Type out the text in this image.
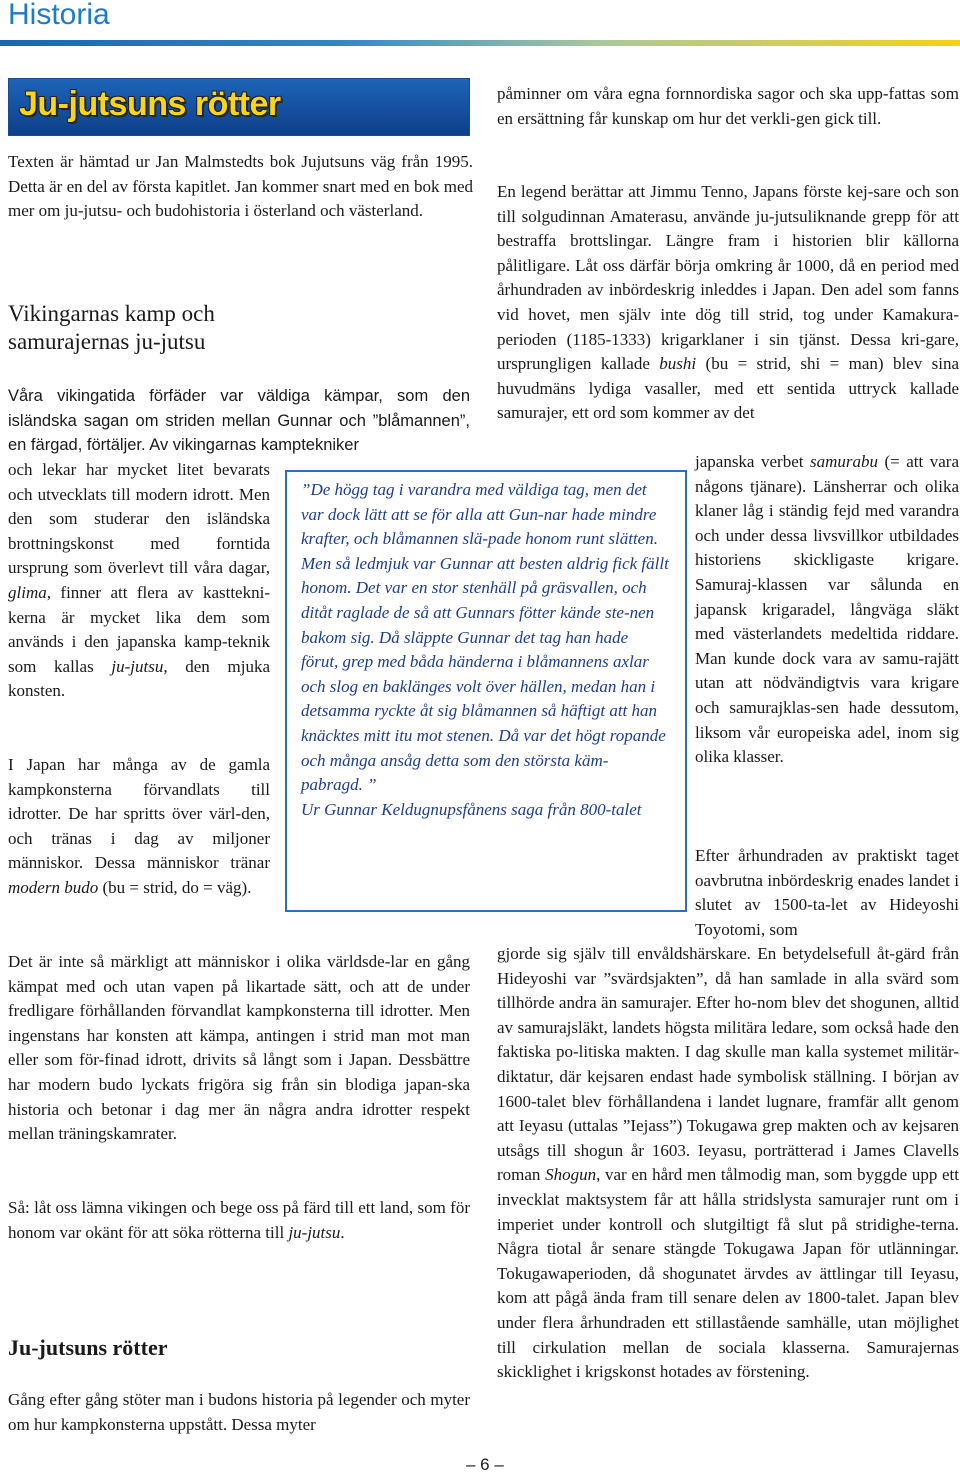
Historia
Ju-jutsuns rötter

Texten är hämtad ur Jan Malmstedts bok Jujutsuns väg från 1995. Detta är en del av första kapitlet. Jan kommer snart med en bok med mer om ju-jutsu- och budohistoria i österland och västerland.

Vikingarnas kamp och samurajernas ju-jutsu

Våra vikingatida förfäder var väldiga kämpar, som den isländska sagan om striden mellan Gunnar och ”blåmannen”, en färgad, förtäljer. Av vikingarnas kamptekniker

och lekar har mycket litet bevarats och utvecklats till modern idrott. Men den som studerar den isländska brottningskonst med forntida ursprung som överlevt till våra dagar, glima, finner att flera av kasttekni-kerna är mycket lika dem som används i den japanska kamp-teknik som kallas ju-jutsu, den mjuka konsten.

I Japan har många av de gamla kampkonsterna förvandlats till idrotter. De har spritts över värl-den, och tränas i dag av miljoner människor. Dessa människor tränar modern budo (bu = strid, do = väg).

Det är inte så märkligt att människor i olika världsde-lar en gång kämpat med och utan vapen på likartade sätt, och att de under fredligare förhållanden förvandlat kampkonsterna till idrotter. Men ingenstans har konsten att kämpa, antingen i strid man mot man eller som för-finad idrott, drivits så långt som i Japan. Dessbättre har modern budo lyckats frigöra sig från sin blodiga japan-ska historia och betonar i dag mer än några andra idrotter respekt mellan träningskamrater.

Så: låt oss lämna vikingen och bege oss på färd till ett land, som för honom var okänt för att söka rötterna till ju-jutsu.

Ju-jutsuns rötter

Gång efter gång stöter man i budons historia på legender och myter om hur kampkonsterna uppstått. Dessa myter

”De högg tag i varandra med väldiga tag, men det var dock lätt att se för alla att Gun-nar hade mindre krafter, och blåmannen slä-pade honom runt slätten. Men så ledmjuk var Gunnar att besten aldrig fick fällt honom. Det var en stor stenhäll på gräsvallen, och ditåt raglade de så att Gunnars fötter kände ste-nen bakom sig. Då släppte Gunnar det tag han hade förut, grep med båda händerna i blåmannens axlar och slog en baklänges volt över hällen, medan han i detsamma ryckte åt sig blåmannen så häftigt att han knäcktes mitt itu mot stenen. Då var det högt ropande och många ansåg detta som den största käm-pabragd. ”
Ur Gunnar Keldugnupsfånens saga från 800-talet

påminner om våra egna fornnordiska sagor och ska upp-fattas som en ersättning får kunskap om hur det verkli-gen gick till.

En legend berättar att Jimmu Tenno, Japans förste kej-sare och son till solgudinnan Amaterasu, använde ju-jutsuliknande grepp för att bestraffa brottslingar. Längre fram i historien blir källorna pålitligare. Låt oss därfär börja omkring år 1000, då en period med århundraden av inbördeskrig inleddes i Japan. Den adel som fanns vid hovet, men själv inte dög till strid, tog under Kamakura-perioden (1185-1333) krigarklaner i sin tjänst. Dessa kri-gare, ursprungligen kallade bushi (bu = strid, shi = man) blev sina huvudmäns lydiga vasaller, med ett sentida uttryck kallade samurajer, ett ord som kommer av det

japanska verbet samurabu (= att vara någons tjänare). Länsherrar och olika klaner låg i ständig fejd med varandra och under dessa livsvillkor utbildades historiens skickligaste krigare. Samuraj-klassen var sålunda en japansk krigaradel, långväga släkt med västerlandets medeltida riddare. Man kunde dock vara av samu-rajätt utan att nödvändigtvis vara krigare och samurajklas-sen hade dessutom, liksom vår europeiska adel, inom sig olika klasser.

Efter århundraden av praktiskt taget oavbrutna inbördeskrig enades landet i slutet av 1500-ta-let av Hideyoshi Toyotomi, som

gjorde sig själv till envåldshärskare. En betydelsefull åt-gärd från Hideyoshi var ”svärdsjakten”, då han samlade in alla svärd som tillhörde andra än samurajer. Efter ho-nom blev det shogunen, alltid av samurajsläkt, landets högsta militära ledare, som också hade den faktiska po-litiska makten. I dag skulle man kalla systemet militär-diktatur, där kejsaren endast hade symbolisk ställning. I början av 1600-talet blev förhållandena i landet lugnare, framfär allt genom att Ieyasu (uttalas ”Iejass”) Tokugawa grep makten och av kejsaren utsågs till shogun år 1603. Ieyasu, porträtterad i James Clavells roman Shogun, var en hård men tålmodig man, som byggde upp ett invecklat maktsystem får att hålla stridslysta samurajer runt om i imperiet under kontroll och slutgiltigt få slut på stridighe-terna. Några tiotal år senare stängde Tokugawa Japan för utlänningar. Tokugawaperioden, då shogunatet ärvdes av ättlingar till Ieyasu, kom att pågå ända fram till senare delen av 1800-talet. Japan blev under flera århundraden ett stillastående samhälle, utan möjlighet till cirkulation mellan de sociala klasserna. Samurajernas skicklighet i krigskonst hotades av förstening.

– 6 –
